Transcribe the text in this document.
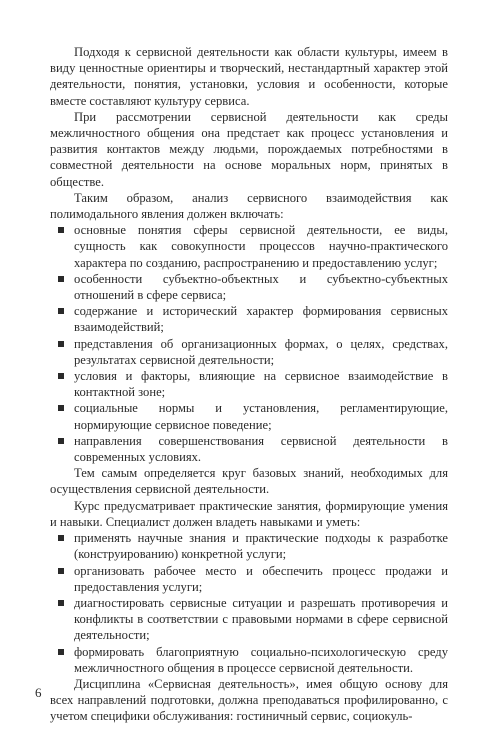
Подходя к сервисной деятельности как области культуры, имеем в виду ценностные ориентиры и творческий, нестандартный характер этой деятельности, понятия, установки, условия и особенности, которые вместе составляют культуру сервиса.

При рассмотрении сервисной деятельности как среды межличностного общения она предстает как процесс установления и развития контактов между людьми, порождаемых потребностями в совместной деятельности на основе моральных норм, принятых в обществе.

Таким образом, анализ сервисного взаимодействия как полимодального явления должен включать:

основные понятия сферы сервисной деятельности, ее виды, сущность как совокупности процессов научно-практического характера по созданию, распространению и предоставлению услуг;
особенности субъектно-объектных и субъектно-субъектных отношений в сфере сервиса;
содержание и исторический характер формирования сервисных взаимодействий;
представления об организационных формах, о целях, средствах, результатах сервисной деятельности;
условия и факторы, влияющие на сервисное взаимодействие в контактной зоне;
социальные нормы и установления, регламентирующие, нормирующие сервисное поведение;
направления совершенствования сервисной деятельности в современных условиях.

Тем самым определяется круг базовых знаний, необходимых для осуществления сервисной деятельности.

Курс предусматривает практические занятия, формирующие умения и навыки. Специалист должен владеть навыками и уметь:

применять научные знания и практические подходы к разработке (конструированию) конкретной услуги;
организовать рабочее место и обеспечить процесс продажи и предоставления услуги;
диагностировать сервисные ситуации и разрешать противоречия и конфликты в соответствии с правовыми нормами в сфере сервисной деятельности;
формировать благоприятную социально-психологическую среду межличностного общения в процессе сервисной деятельности.

Дисциплина «Сервисная деятельность», имея общую основу для всех направлений подготовки, должна преподаваться профилированно, с учетом специфики обслуживания: гостиничный сервис, социокуль-

6
